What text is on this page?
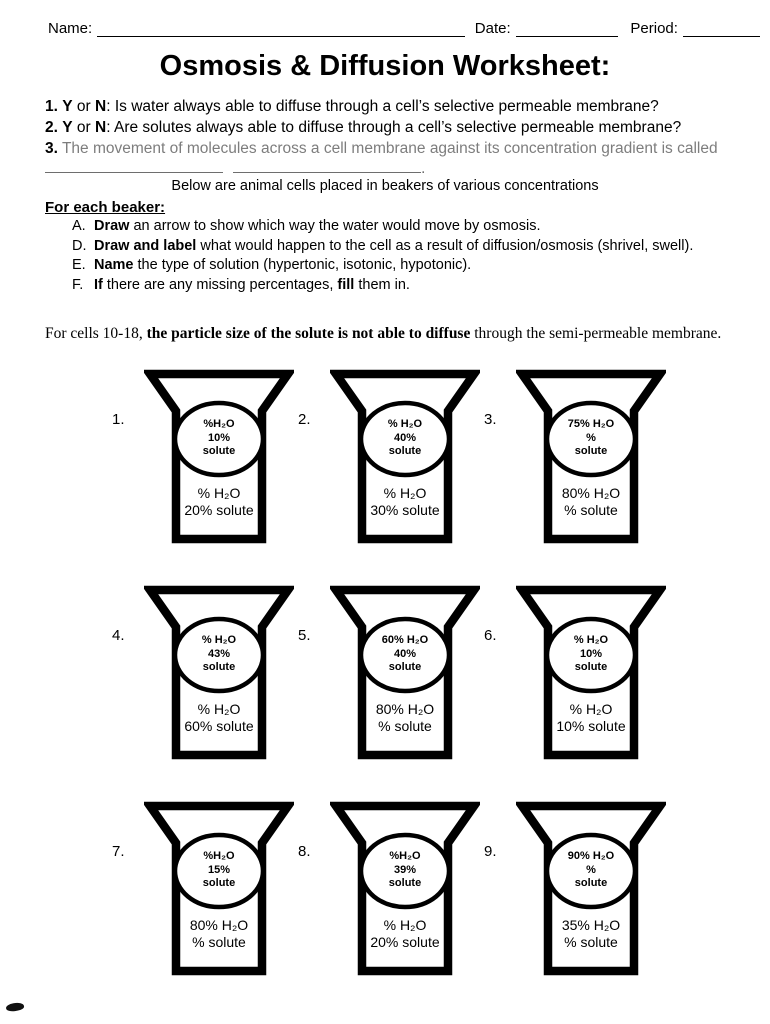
Name:	Date:	Period:
Osmosis & Diffusion Worksheet:
1. Y or N: Is water always able to diffuse through a cell’s selective permeable membrane?
2. Y or N: Are solutes always able to diffuse through a cell’s selective permeable membrane?
3. The movement of molecules across a cell membrane against its concentration gradient is called
.
Below are animal cells placed in beakers of various concentrations
For each beaker:
A. Draw an arrow to show which way the water would move by osmosis.
D. Draw and label what would happen to the cell as a result of diffusion/osmosis (shrivel, swell).
E. Name the type of solution (hypertonic, isotonic, hypotonic).
F. If there are any missing percentages, fill them in.
For cells 10-18, the particle size of the solute is not able to diffuse through the semi-permeable membrane.
1.	%H₂O
10%
solute
% H₂O
20% solute
2.	% H₂O
40%
solute
% H₂O
30% solute
3.	75% H₂O
%
solute
80% H₂O
% solute
4.	% H₂O
43%
solute
% H₂O
60% solute
5.	60% H₂O
40%
solute
80% H₂O
% solute
6.	% H₂O
10%
solute
% H₂O
10% solute
7.	%H₂O
15%
solute
80% H₂O
% solute
8.	%H₂O
39%
solute
% H₂O
20% solute
9.	90% H₂O
%
solute
35% H₂O
% solute
